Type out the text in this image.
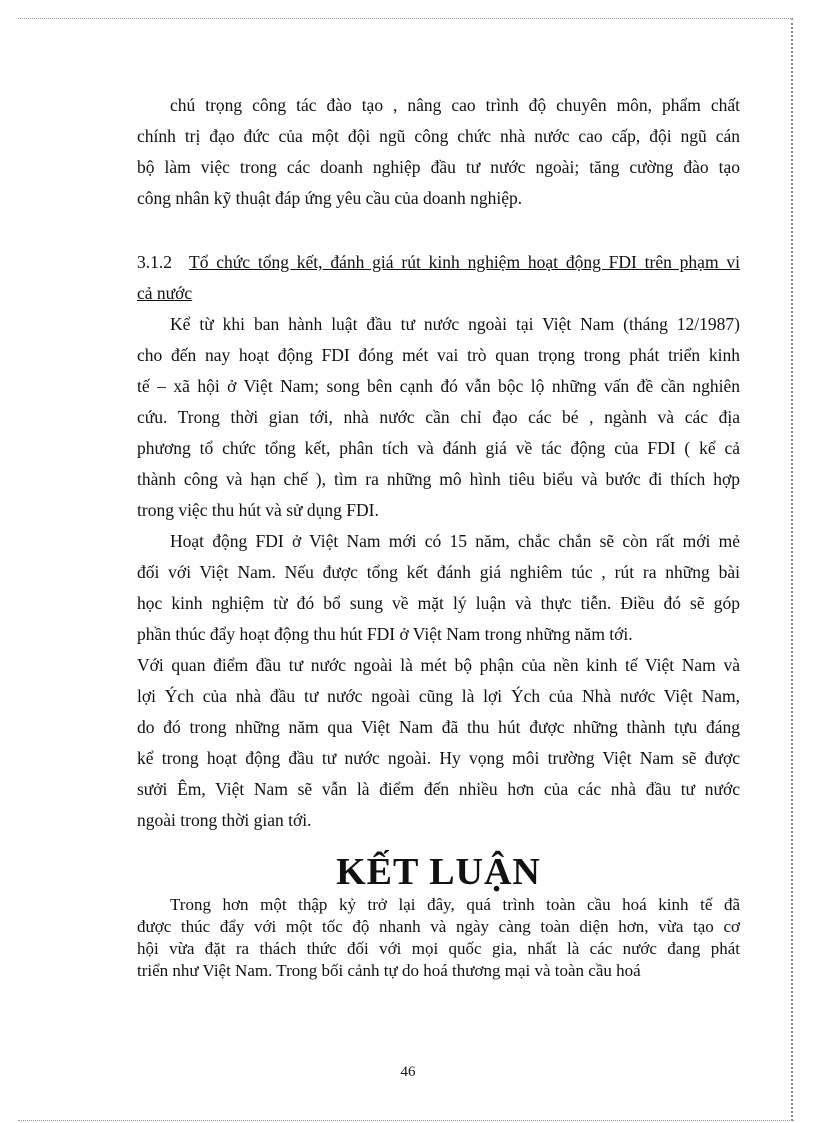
chú trọng công tác đào tạo , nâng cao trình độ chuyên môn, phẩm chất
chính trị đạo đức của một đội ngũ công chức nhà nước cao cấp, đội ngũ cán
bộ làm việc trong các doanh nghiệp đầu tư nước ngoài; tăng cường đào tạo
công nhân kỹ thuật đáp ứng yêu cầu của doanh nghiệp.

3.1.2 Tổ chức tổng kết, đánh giá rút kinh nghiệm hoạt động FDI trên phạm vi
cả nước

Kể từ khi ban hành luật đầu tư nước ngoài tại Việt Nam (tháng 12/1987)
cho đến nay hoạt động FDI đóng mét vai trò quan trọng trong phát triển kinh
tế – xã hội ở Việt Nam; song bên cạnh đó vẫn bộc lộ những vấn đề cần nghiên
cứu. Trong thời gian tới, nhà nước cần chỉ đạo các bé , ngành và các địa
phương tổ chức tổng kết, phân tích và đánh giá về tác động của FDI ( kể cả
thành công và hạn chế ), tìm ra những mô hình tiêu biểu và bước đi thích hợp
trong việc thu hút và sử dụng FDI.

Hoạt động FDI ở Việt Nam mới có 15 năm, chắc chắn sẽ còn rất mới mẻ
đối với Việt Nam. Nếu được tổng kết đánh giá nghiêm túc , rút ra những bài
học kinh nghiệm từ đó bổ sung về mặt lý luận và thực tiễn. Điều đó sẽ góp
phần thúc đẩy hoạt động thu hút FDI ở Việt Nam trong những năm tới.

Với quan điểm đầu tư nước ngoài là mét bộ phận của nền kinh tế Việt Nam và
lợi Ých của nhà đầu tư nước ngoài cũng là lợi Ých của Nhà nước Việt Nam,
do đó trong những năm qua Việt Nam đã thu hút được những thành tựu đáng
kể trong hoạt động đầu tư nước ngoài. Hy vọng môi trường Việt Nam sẽ được
sưởi Êm, Việt Nam sẽ vẫn là điểm đến nhiều hơn của các nhà đầu tư nước
ngoài trong thời gian tới.

KẾT LUẬN

Trong hơn một thập kỷ trở lại đây, quá trình toàn cầu hoá kinh tế đã
được thúc đẩy với một tốc độ nhanh và ngày càng toàn diện hơn, vừa tạo cơ
hội vừa đặt ra thách thức đối với mọi quốc gia, nhất là các nước đang phát
triển như Việt Nam. Trong bối cảnh tự do hoá thương mại và toàn cầu hoá

46
